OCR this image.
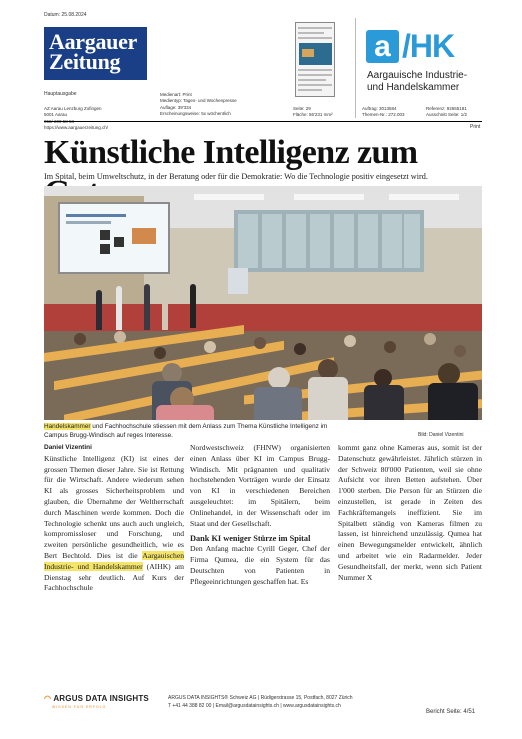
Datum: 25.08.2024
Aargauer
Zeitung
Hauptausgabe
AZ Aarau Lenzburg Zofingen
5001 Aarau
https://www.aargauerzeitung.ch/
Medienart: Print
Medientyp: Tages- und Wochenpresse
Auflage: 39'334
Erscheinungsweise: 5x wöchentlich
Seite: 29
Fläche: 56'231 mm²
Auftrag: 3013584
Themen-Nr.: 272.003
Referenz: 92655181
Ausschnitt Seite: 1/2
a /HK
Aargauische Industrie-
und Handelskammer
Print
Künstliche Intelligenz zum
Im Spital, beim Umweltschutz, in der Beratung oder für die Demokratie: Wo die Technologie positiv eingesetzt wird.
Handelskammer und Fachhochschule stiessen mit dem Anlass zum Thema Künstliche Intelligenz im
Campus Brugg-Windisch auf reges Interesse.	Bild: Daniel Vizentini

Daniel Vizentini

Künstliche Intelligenz (KI) ist eines der grossen Themen dieser Jahre. Sie ist Rettung für die Wirtschaft. Andere wiederum sehen KI als grosses Sicherheitsproblem und glauben, die Übernahme der Weltherrschaft durch Maschinen werde kommen. Doch die Technologie schenkt uns auch auch ungleich, kompromissloser und Forschung, und zweiten persönliche gesundheitlich, wie es Bert Bechtold. Dies ist die Aargauischen Industrie- und Handelskammer (AIHK) am Dienstag sehr deutlich. Auf Kurs der Fachhochschule

Nordwestschweiz (FHNW) organisierten einen Anlass über KI im Campus Brugg-Windisch. Mit prägnanten und qualitativ hochstehenden Vorträgen wurde der Einsatz von KI in verschiedenen Bereichen ausgeleuchtet: im Spitälern, beim Onlinehandel, in der Wissenschaft oder im Staat und der Gesellschaft.

Dank KI weniger Stürze im Spital

Den Anfang machte Cyrill Geger, Chef der Firma Qumea, die ein System für das Deutschten von Patienten in Pflegeeinrichtungen geschaffen hat. Es

kommt ganz ohne Kameras aus, somit ist der Datenschutz gewährleistet. Jährlich stürzen in der Schweiz 80'000 Patienten, weil sie ohne Aufsicht vor ihren Betten aufstehen. Über 1'000 sterben. Die Person für an Stürzen die einzustellen, ist gerade in Zeiten des Fachkräftemangels ineffizient. Sie im Spitalbett ständig von Kameras filmen zu lassen, ist hinreichend unzulässig. Qumea hat einen Bewegungsmelder entwickelt, ähnlich und arbeitet wie ein Radarmelder. Jeder Gesundheitsfall, der merkt, wenn sich Patient Nummer X

◠ ARGUS DATA INSIGHTS
WISSEN FÜR ERFOLG
ARGUS DATA INSIGHTS® Schweiz AG | Rüdigerstrasse 15, Postfach, 8027 Zürich
T +41 44 388 82 00 | Email@argusdatainsights.ch | www.argusdatainsights.ch
Bericht Seite: 4/51
